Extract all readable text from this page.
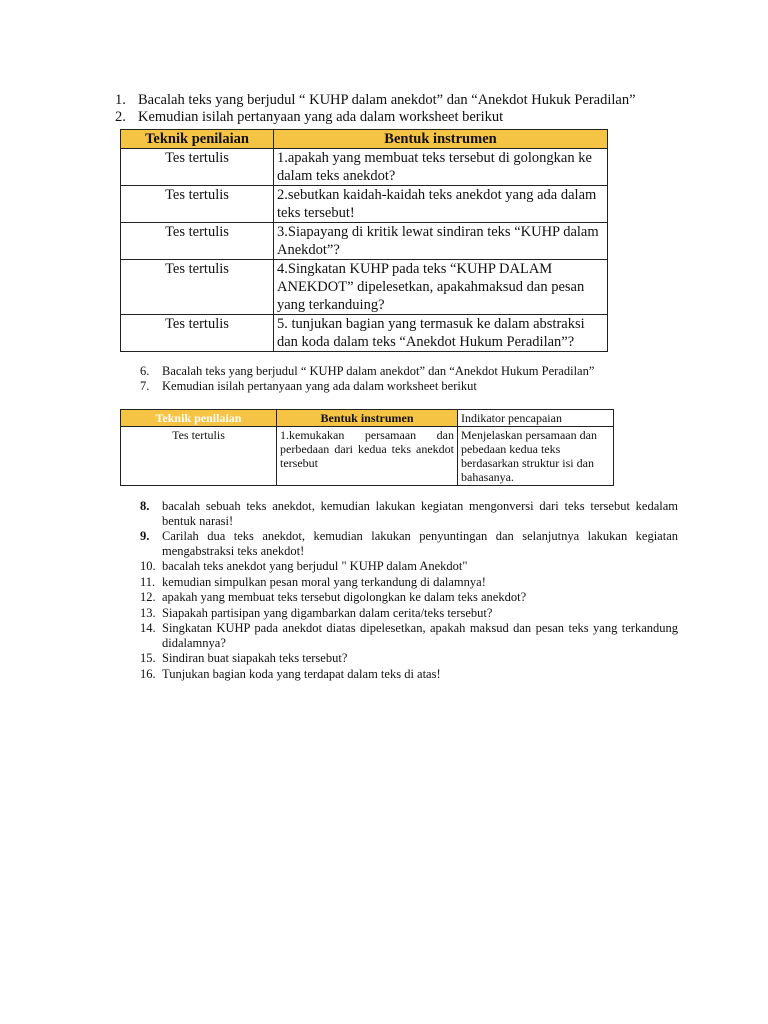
1. Bacalah teks yang berjudul “ KUHP dalam anekdot” dan “Anekdot Hukuk Peradilan”
2. Kemudian isilah pertanyaan yang ada dalam worksheet berikut
Teknik penilaian	Bentuk instrumen
Tes tertulis	1.apakah yang membuat teks tersebut di golongkan ke dalam teks anekdot?
Tes tertulis	2.sebutkan kaidah-kaidah teks anekdot yang ada dalam teks tersebut!
Tes tertulis	3.Siapayang di kritik lewat sindiran teks “KUHP dalam Anekdot”?
Tes tertulis	4.Singkatan KUHP pada teks “KUHP DALAM ANEKDOT” dipelesetkan, apakahmaksud dan pesan yang terkanduing?
Tes tertulis	5. tunjukan bagian yang termasuk ke dalam abstraksi dan koda dalam teks “Anekdot Hukum Peradilan”?
6.	Bacalah teks yang berjudul “ KUHP dalam anekdot” dan “Anekdot Hukum Peradilan”
7.	Kemudian isilah pertanyaan yang ada dalam worksheet berikut
Teknik penilaian	Bentuk instrumen	Indikator pencapaian
Tes tertulis	1.kemukakan persamaan dan perbedaan dari kedua teks anekdot tersebut	Menjelaskan persamaan dan pebedaan kedua teks berdasarkan struktur isi dan bahasanya.
8.	bacalah sebuah teks anekdot, kemudian lakukan kegiatan mengonversi dari teks tersebut kedalam bentuk narasi!
9.	Carilah dua teks anekdot, kemudian lakukan penyuntingan dan selanjutnya lakukan kegiatan mengabstraksi teks anekdot!
10. bacalah teks anekdot yang berjudul " KUHP dalam Anekdot"
11. kemudian simpulkan pesan moral yang terkandung di dalamnya!
12. apakah yang membuat teks tersebut digolongkan ke dalam teks anekdot?
13. Siapakah partisipan yang digambarkan dalam cerita/teks tersebut?
14. Singkatan KUHP pada anekdot diatas dipelesetkan, apakah maksud dan pesan teks yang terkandung didalamnya?
15. Sindiran buat siapakah teks tersebut?
16. Tunjukan bagian koda yang terdapat dalam teks di atas!
